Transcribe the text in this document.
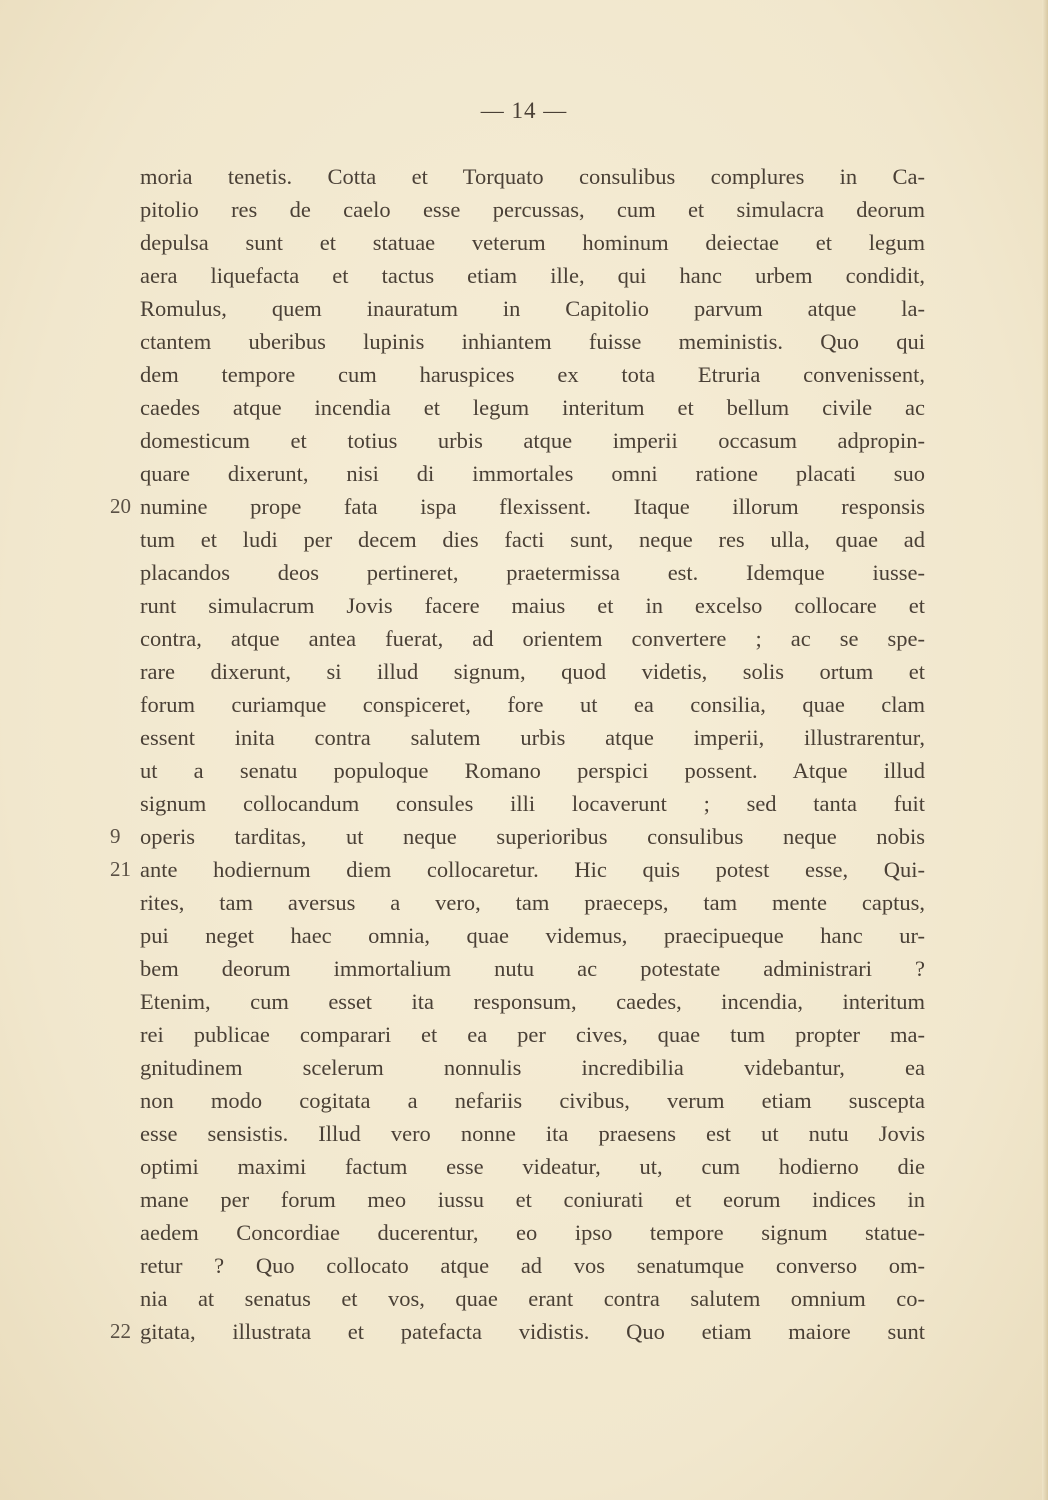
— 14 —
moria tenetis. Cotta et Torquato consulibus complures in Ca-
pitolio res de caelo esse percussas, cum et simulacra deorum
depulsa sunt et statuae veterum hominum deiectae et legum
aera liquefacta et tactus etiam ille, qui hanc urbem condidit,
Romulus, quem inauratum in Capitolio parvum atque la-
ctantem uberibus lupinis inhiantem fuisse meministis. Quo qui
dem tempore cum haruspices ex tota Etruria convenissent,
caedes atque incendia et legum interitum et bellum civile ac
domesticum et totius urbis atque imperii occasum adpropin-
quare dixerunt, nisi di immortales omni ratione placati suo
20 numine prope fata ispa flexissent. Itaque illorum responsis
tum et ludi per decem dies facti sunt, neque res ulla, quae ad
placandos deos pertineret, praetermissa est. Idemque iusse-
runt simulacrum Jovis facere maius et in excelso collocare et
contra, atque antea fuerat, ad orientem convertere ; ac se spe-
rare dixerunt, si illud signum, quod videtis, solis ortum et
forum curiamque conspiceret, fore ut ea consilia, quae clam
essent inita contra salutem urbis atque imperii, illustrarentur,
ut a senatu populoque Romano perspici possent. Atque illud
signum collocandum consules illi locaverunt ; sed tanta fuit
9 operis tarditas, ut neque superioribus consulibus neque nobis
21 ante hodiernum diem collocaretur. Hic quis potest esse, Qui-
rites, tam aversus a vero, tam praeceps, tam mente captus,
pui neget haec omnia, quae videmus, praecipueque hanc ur-
bem deorum immortalium nutu ac potestate administrari ?
Etenim, cum esset ita responsum, caedes, incendia, interitum
rei publicae comparari et ea per cives, quae tum propter ma-
gnitudinem scelerum nonnulis incredibilia videbantur, ea
non modo cogitata a nefariis civibus, verum etiam suscepta
esse sensistis. Illud vero nonne ita praesens est ut nutu Jovis
optimi maximi factum esse videatur, ut, cum hodierno die
mane per forum meo iussu et coniurati et eorum indices in
aedem Concordiae ducerentur, eo ipso tempore signum statue-
retur ? Quo collocato atque ad vos senatumque converso om-
nia at senatus et vos, quae erant contra salutem omnium co-
22 gitata, illustrata et patefacta vidistis. Quo etiam maiore sunt
